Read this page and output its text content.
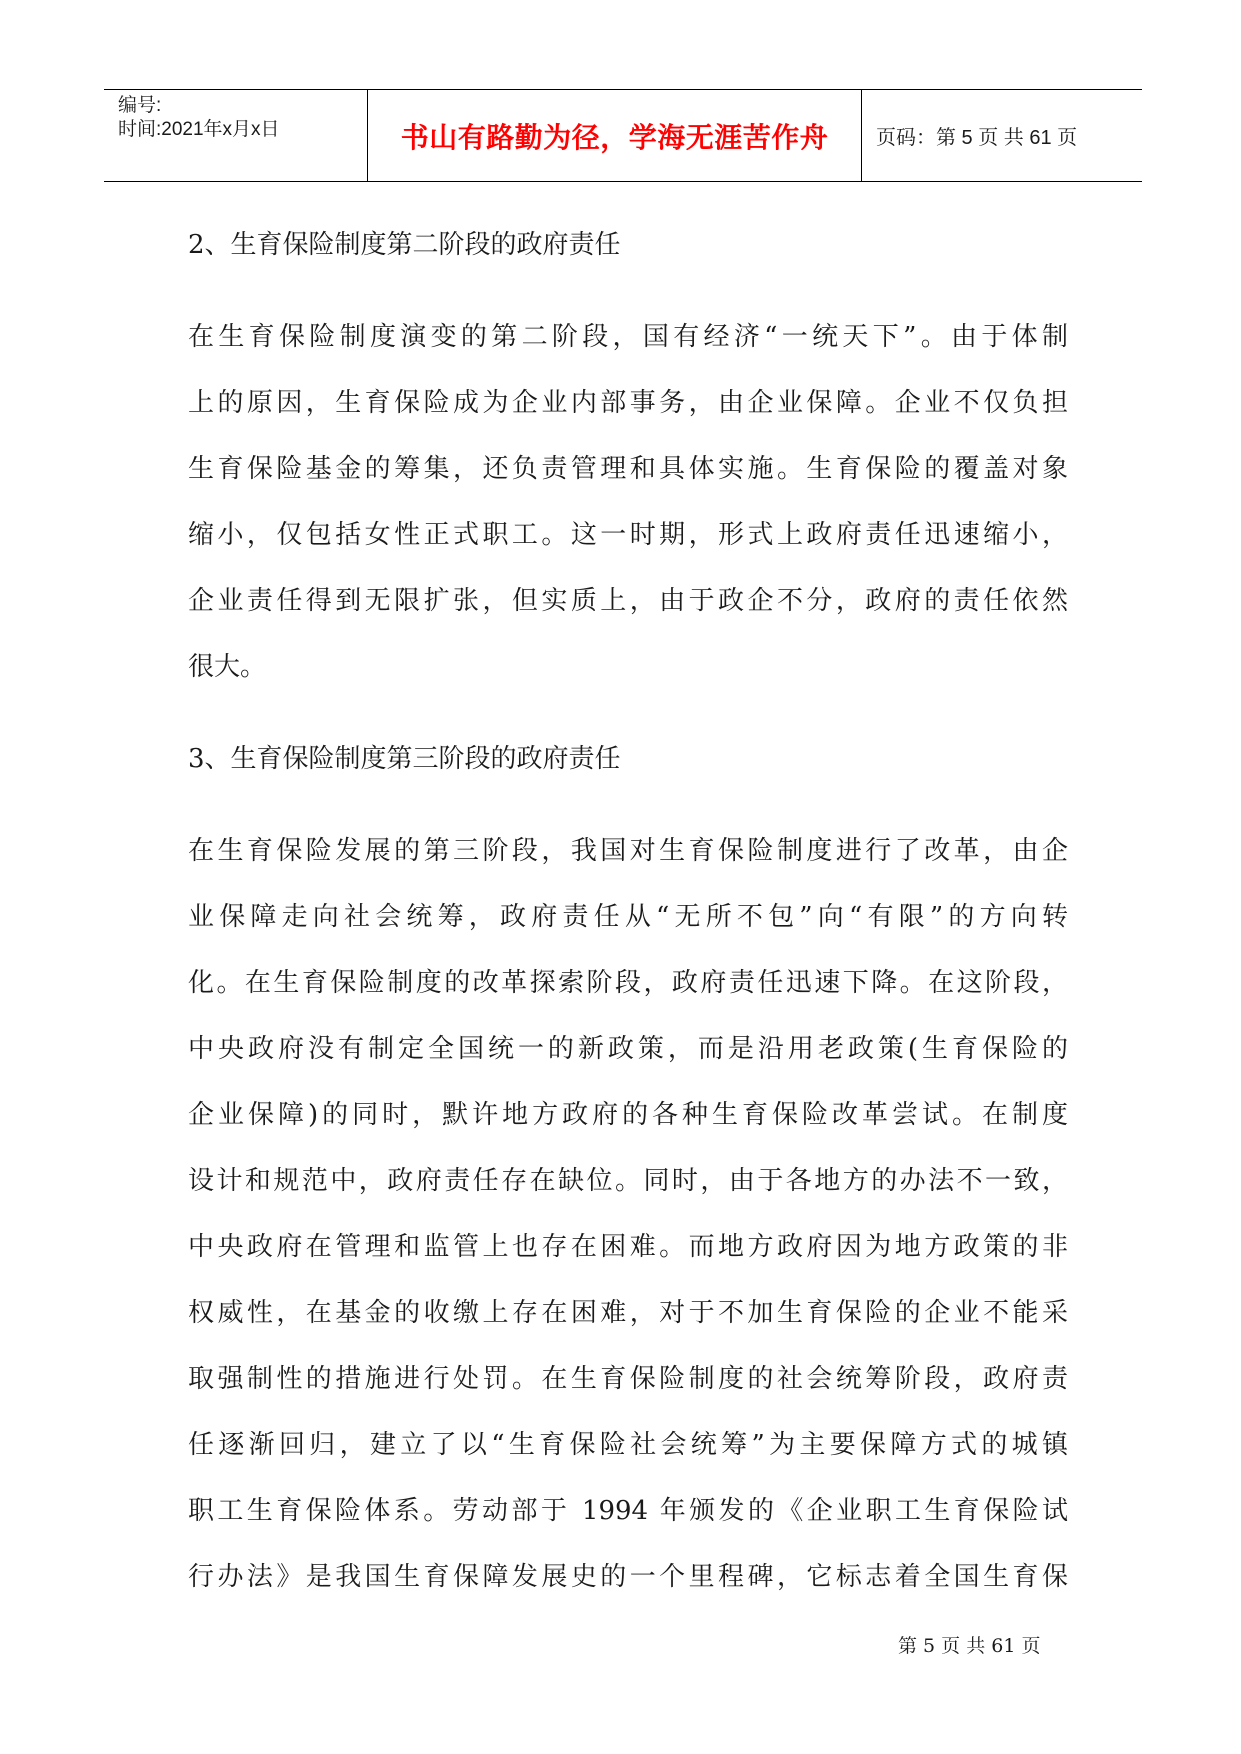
编号:
时间:2021年x月x日	书山有路勤为径，学海无涯苦作舟 页码：第 5 页 共 61 页

2、生育保险制度第二阶段的政府责任

在生育保险制度演变的第二阶段，国有经济“一统天下”。由于体制
上的原因，生育保险成为企业内部事务，由企业保障。企业不仅负担
生育保险基金的筹集，还负责管理和具体实施。生育保险的覆盖对象
缩小，仅包括女性正式职工。这一时期，形式上政府责任迅速缩小，
企业责任得到无限扩张，但实质上，由于政企不分，政府的责任依然
很大。

3、生育保险制度第三阶段的政府责任

在生育保险发展的第三阶段，我国对生育保险制度进行了改革，由企
业保障走向社会统筹，政府责任从“无所不包”向“有限”的方向转
化。在生育保险制度的改革探索阶段，政府责任迅速下降。在这阶段，
中央政府没有制定全国统一的新政策，而是沿用老政策(生育保险的
企业保障)的同时，默许地方政府的各种生育保险改革尝试。在制度
设计和规范中，政府责任存在缺位。同时，由于各地方的办法不一致，
中央政府在管理和监管上也存在困难。而地方政府因为地方政策的非
权威性，在基金的收缴上存在困难，对于不加生育保险的企业不能采
取强制性的措施进行处罚。在生育保险制度的社会统筹阶段，政府责
任逐渐回归，建立了以“生育保险社会统筹”为主要保障方式的城镇
职工生育保险体系。劳动部于 1994 年颁发的《企业职工生育保险试
行办法》是我国生育保障发展史的一个里程碑，它标志着全国生育保

第 5 页 共 61 页
